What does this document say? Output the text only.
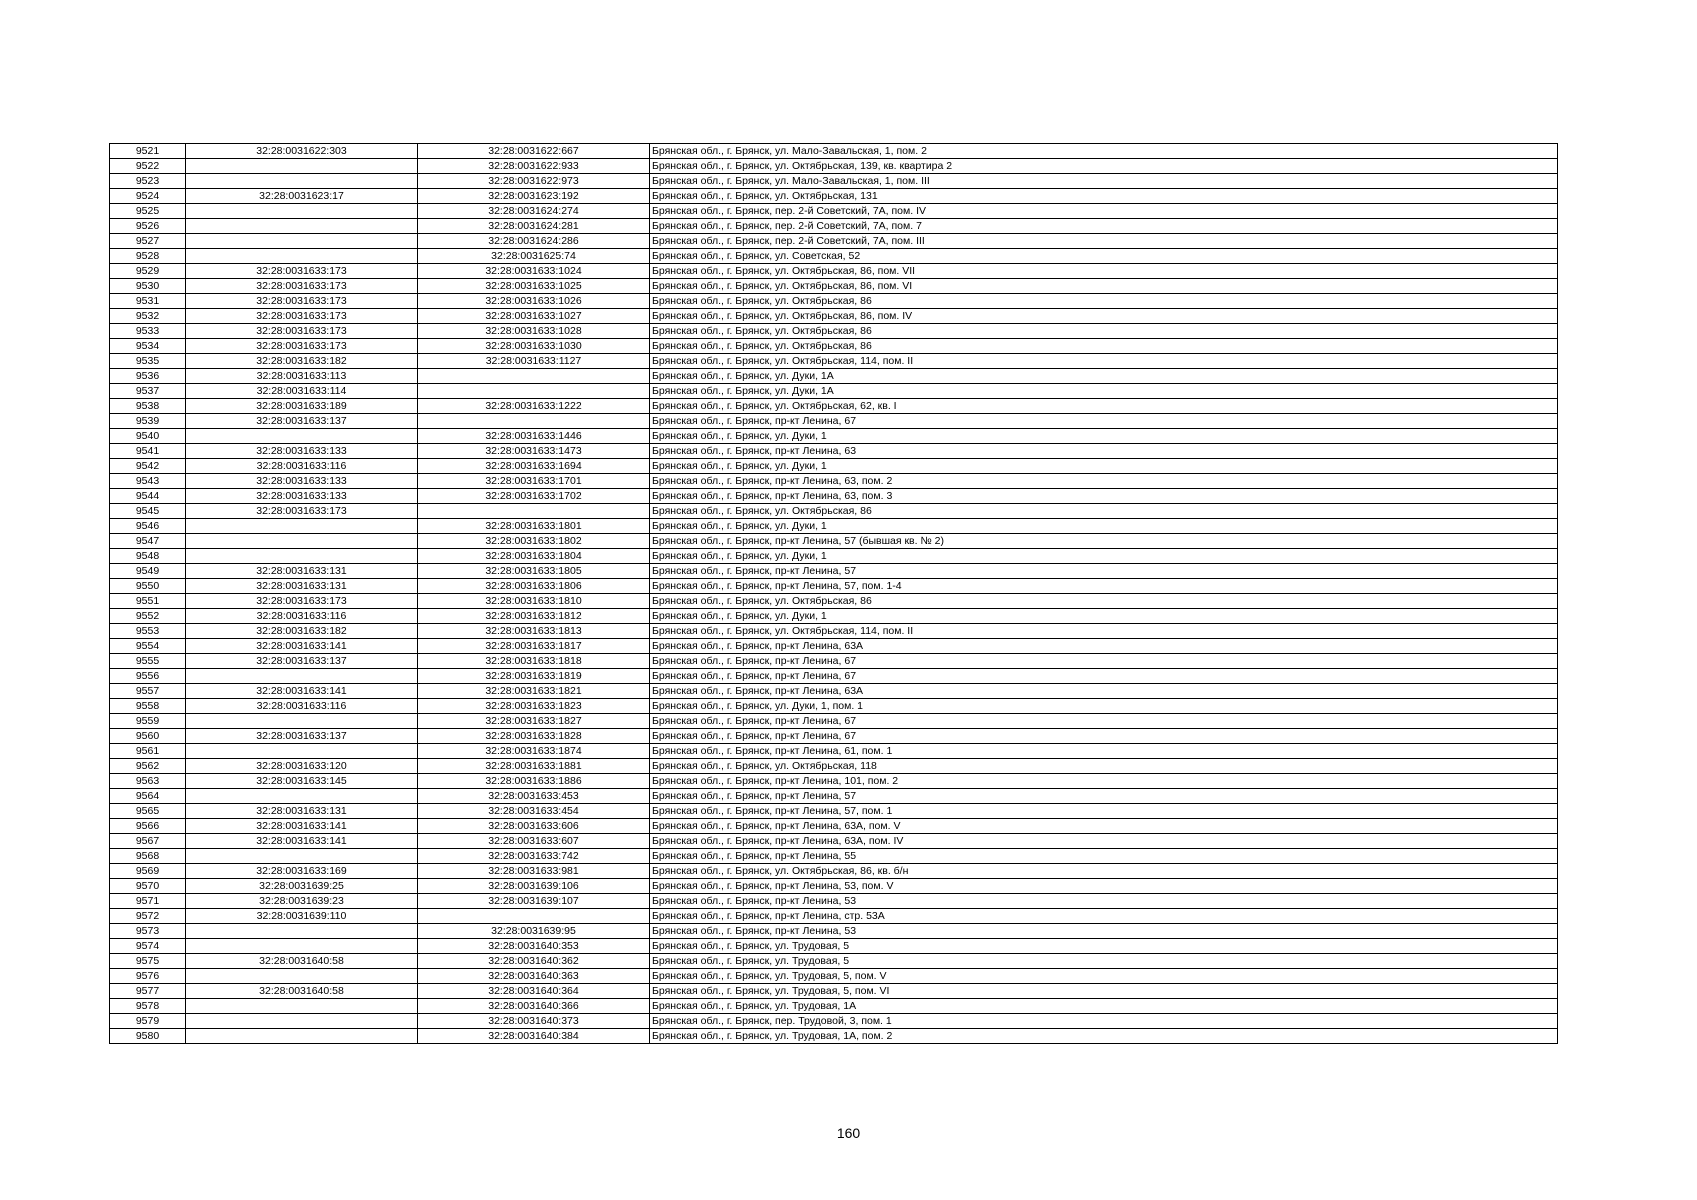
9521	32:28:0031622:303	32:28:0031622:667	Брянская обл., г. Брянск, ул. Мало-Завальская, 1, пом. 2
9522		32:28:0031622:933	Брянская обл., г. Брянск, ул. Октябрьская, 139, кв. квартира 2
9523		32:28:0031622:973	Брянская обл., г. Брянск, ул. Мало-Завальская, 1, пом. III
9524	32:28:0031623:17	32:28:0031623:192	Брянская обл., г. Брянск, ул. Октябрьская, 131
9525		32:28:0031624:274	Брянская обл., г. Брянск, пер. 2-й Советский, 7А, пом. IV
9526		32:28:0031624:281	Брянская обл., г. Брянск, пер. 2-й Советский, 7А, пом. 7
9527		32:28:0031624:286	Брянская обл., г. Брянск, пер. 2-й Советский, 7А, пом. III
9528		32:28:0031625:74	Брянская обл., г. Брянск, ул. Советская, 52
9529	32:28:0031633:173	32:28:0031633:1024	Брянская обл., г. Брянск, ул. Октябрьская, 86, пом. VII
9530	32:28:0031633:173	32:28:0031633:1025	Брянская обл., г. Брянск, ул. Октябрьская, 86, пом. VI
9531	32:28:0031633:173	32:28:0031633:1026	Брянская обл., г. Брянск, ул. Октябрьская, 86
9532	32:28:0031633:173	32:28:0031633:1027	Брянская обл., г. Брянск, ул. Октябрьская, 86, пом. IV
9533	32:28:0031633:173	32:28:0031633:1028	Брянская обл., г. Брянск, ул. Октябрьская, 86
9534	32:28:0031633:173	32:28:0031633:1030	Брянская обл., г. Брянск, ул. Октябрьская, 86
9535	32:28:0031633:182	32:28:0031633:1127	Брянская обл., г. Брянск, ул. Октябрьская, 114, пом. II
9536	32:28:0031633:113		Брянская обл., г. Брянск, ул. Дуки, 1А
9537	32:28:0031633:114		Брянская обл., г. Брянск, ул. Дуки, 1А
9538	32:28:0031633:189	32:28:0031633:1222	Брянская обл., г. Брянск, ул. Октябрьская, 62, кв. I
9539	32:28:0031633:137		Брянская обл., г. Брянск, пр-кт Ленина, 67
9540		32:28:0031633:1446	Брянская обл., г. Брянск, ул. Дуки, 1
9541	32:28:0031633:133	32:28:0031633:1473	Брянская обл., г. Брянск, пр-кт Ленина, 63
9542	32:28:0031633:116	32:28:0031633:1694	Брянская обл., г. Брянск, ул. Дуки, 1
9543	32:28:0031633:133	32:28:0031633:1701	Брянская обл., г. Брянск, пр-кт Ленина, 63, пом. 2
9544	32:28:0031633:133	32:28:0031633:1702	Брянская обл., г. Брянск, пр-кт Ленина, 63, пом. 3
9545	32:28:0031633:173		Брянская обл., г. Брянск, ул. Октябрьская, 86
9546		32:28:0031633:1801	Брянская обл., г. Брянск, ул. Дуки, 1
9547		32:28:0031633:1802	Брянская обл., г. Брянск, пр-кт Ленина, 57 (бывшая кв. № 2)
9548		32:28:0031633:1804	Брянская обл., г. Брянск, ул. Дуки, 1
9549	32:28:0031633:131	32:28:0031633:1805	Брянская обл., г. Брянск, пр-кт Ленина, 57
9550	32:28:0031633:131	32:28:0031633:1806	Брянская обл., г. Брянск, пр-кт Ленина, 57, пом. 1-4
9551	32:28:0031633:173	32:28:0031633:1810	Брянская обл., г. Брянск, ул. Октябрьская, 86
9552	32:28:0031633:116	32:28:0031633:1812	Брянская обл., г. Брянск, ул. Дуки, 1
9553	32:28:0031633:182	32:28:0031633:1813	Брянская обл., г. Брянск, ул. Октябрьская, 114, пом. II
9554	32:28:0031633:141	32:28:0031633:1817	Брянская обл., г. Брянск, пр-кт Ленина, 63А
9555	32:28:0031633:137	32:28:0031633:1818	Брянская обл., г. Брянск, пр-кт Ленина, 67
9556		32:28:0031633:1819	Брянская обл., г. Брянск, пр-кт Ленина, 67
9557	32:28:0031633:141	32:28:0031633:1821	Брянская обл., г. Брянск, пр-кт Ленина, 63А
9558	32:28:0031633:116	32:28:0031633:1823	Брянская обл., г. Брянск, ул. Дуки, 1, пом. 1
9559		32:28:0031633:1827	Брянская обл., г. Брянск, пр-кт Ленина, 67
9560	32:28:0031633:137	32:28:0031633:1828	Брянская обл., г. Брянск, пр-кт Ленина, 67
9561		32:28:0031633:1874	Брянская обл., г. Брянск, пр-кт Ленина, 61, пом. 1
9562	32:28:0031633:120	32:28:0031633:1881	Брянская обл., г. Брянск, ул. Октябрьская, 118
9563	32:28:0031633:145	32:28:0031633:1886	Брянская обл., г. Брянск, пр-кт Ленина, 101, пом. 2
9564		32:28:0031633:453	Брянская обл., г. Брянск, пр-кт Ленина, 57
9565	32:28:0031633:131	32:28:0031633:454	Брянская обл., г. Брянск, пр-кт Ленина, 57, пом. 1
9566	32:28:0031633:141	32:28:0031633:606	Брянская обл., г. Брянск, пр-кт Ленина, 63А, пом. V
9567	32:28:0031633:141	32:28:0031633:607	Брянская обл., г. Брянск, пр-кт Ленина, 63А, пом. IV
9568		32:28:0031633:742	Брянская обл., г. Брянск, пр-кт Ленина, 55
9569	32:28:0031633:169	32:28:0031633:981	Брянская обл., г. Брянск, ул. Октябрьская, 86, кв. б/н
9570	32:28:0031639:25	32:28:0031639:106	Брянская обл., г. Брянск, пр-кт Ленина, 53, пом. V
9571	32:28:0031639:23	32:28:0031639:107	Брянская обл., г. Брянск, пр-кт Ленина, 53
9572	32:28:0031639:110		Брянская обл., г. Брянск, пр-кт Ленина, стр. 53А
9573		32:28:0031639:95	Брянская обл., г. Брянск, пр-кт Ленина, 53
9574		32:28:0031640:353	Брянская обл., г. Брянск, ул. Трудовая, 5
9575	32:28:0031640:58	32:28:0031640:362	Брянская обл., г. Брянск, ул. Трудовая, 5
9576		32:28:0031640:363	Брянская обл., г. Брянск, ул. Трудовая, 5, пом. V
9577	32:28:0031640:58	32:28:0031640:364	Брянская обл., г. Брянск, ул. Трудовая, 5, пом. VI
9578		32:28:0031640:366	Брянская обл., г. Брянск, ул. Трудовая, 1А
9579		32:28:0031640:373	Брянская обл., г. Брянск, пер. Трудовой, 3, пом. 1
9580		32:28:0031640:384	Брянская обл., г. Брянск, ул. Трудовая, 1А, пом. 2
160
